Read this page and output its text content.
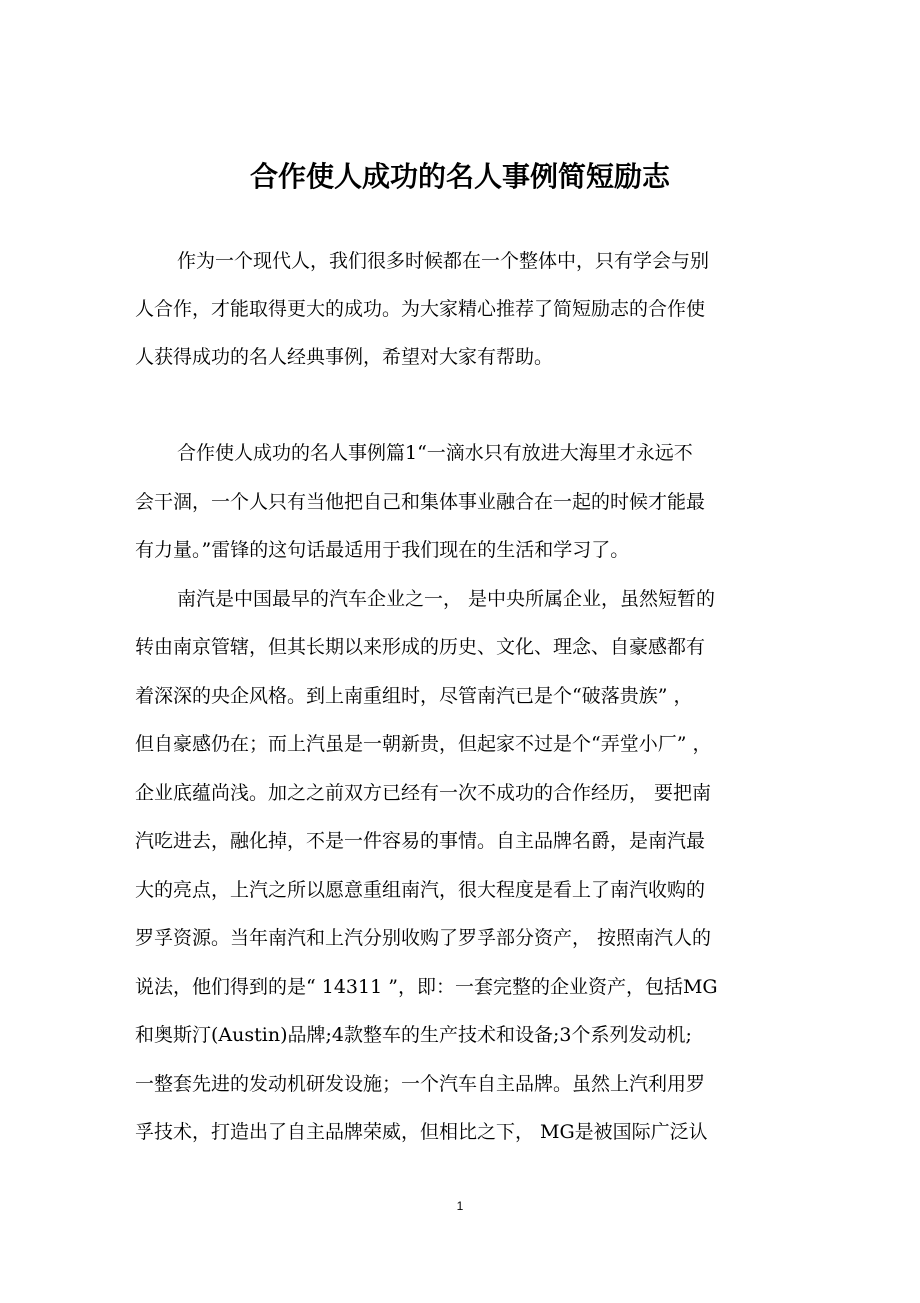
合作使人成功的名人事例简短励志

作为一个现代人，我们很多时候都在一个整体中，只有学会与别

人合作，才能取得更大的成功。为大家精心推荐了简短励志的合作使

人获得成功的名人经典事例，希望对大家有帮助。

合作使人成功的名人事例篇1“一滴水只有放进大海里才永远不

会干涸，一个人只有当他把自己和集体事业融合在一起的时候才能最

有力量。”雷锋的这句话最适用于我们现在的生活和学习了。

南汽是中国最早的汽车企业之一， 是中央所属企业，虽然短暂的

转由南京管辖，但其长期以来形成的历史、文化、理念、自豪感都有

着深深的央企风格。到上南重组时，尽管南汽已是个“破落贵族” ，

但自豪感仍在；而上汽虽是一朝新贵，但起家不过是个“弄堂小厂” ，

企业底蕴尚浅。加之之前双方已经有一次不成功的合作经历， 要把南

汽吃进去，融化掉，不是一件容易的事情。自主品牌名爵，是南汽最

大的亮点，上汽之所以愿意重组南汽，很大程度是看上了南汽收购的

罗孚资源。当年南汽和上汽分别收购了罗孚部分资产， 按照南汽人的

说法，他们得到的是“ 14311 ”，即：一套完整的企业资产，包括MG

和奥斯汀(Austin)品牌;4款整车的生产技术和设备;3个系列发动机;

一整套先进的发动机研发设施；一个汽车自主品牌。虽然上汽利用罗

孚技术，打造出了自主品牌荣威，但相比之下， MG是被国际广泛认

1
